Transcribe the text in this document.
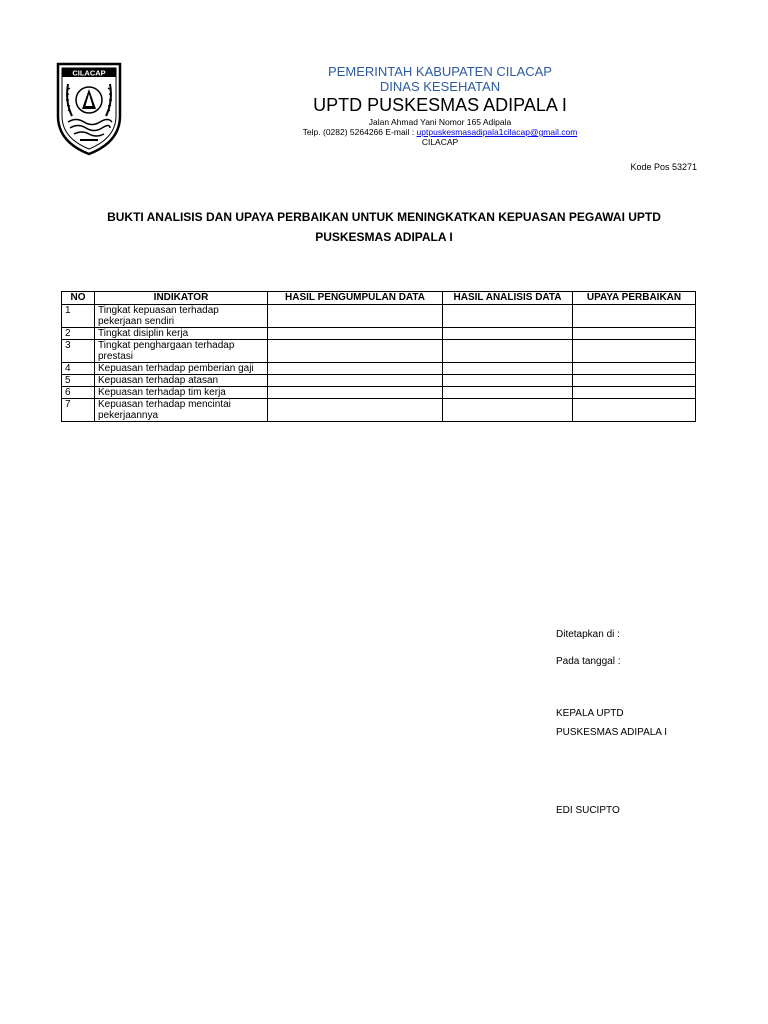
CILACAP	PEMERINTAH KABUPATEN CILACAP
DINAS KESEHATAN
UPTD PUSKESMAS ADIPALA I
Jalan Ahmad Yani Nomor 165 Adipala
Telp. (0282) 5264266 E-mail : uptpuskesmasadipala1cilacap@gmail.com
CILACAP
Kode Pos 53271
BUKTI ANALISIS DAN UPAYA PERBAIKAN UNTUK MENINGKATKAN KEPUASAN PEGAWAI UPTD
PUSKESMAS ADIPALA I
NO	INDIKATOR	HASIL PENGUMPULAN DATA	HASIL ANALISIS DATA	UPAYA PERBAIKAN
1	Tingkat kepuasan terhadap pekerjaan sendiri			
2	Tingkat disiplin kerja			
3	Tingkat penghargaan terhadap prestasi			
4	Kepuasan terhadap pemberian gaji			
5	Kepuasan terhadap atasan			
6	Kepuasan terhadap tim kerja			
7	Kepuasan terhadap mencintai pekerjaannya			
Ditetapkan di :
Pada tanggal :
KEPALA UPTD
PUSKESMAS ADIPALA I
EDI SUCIPTO
